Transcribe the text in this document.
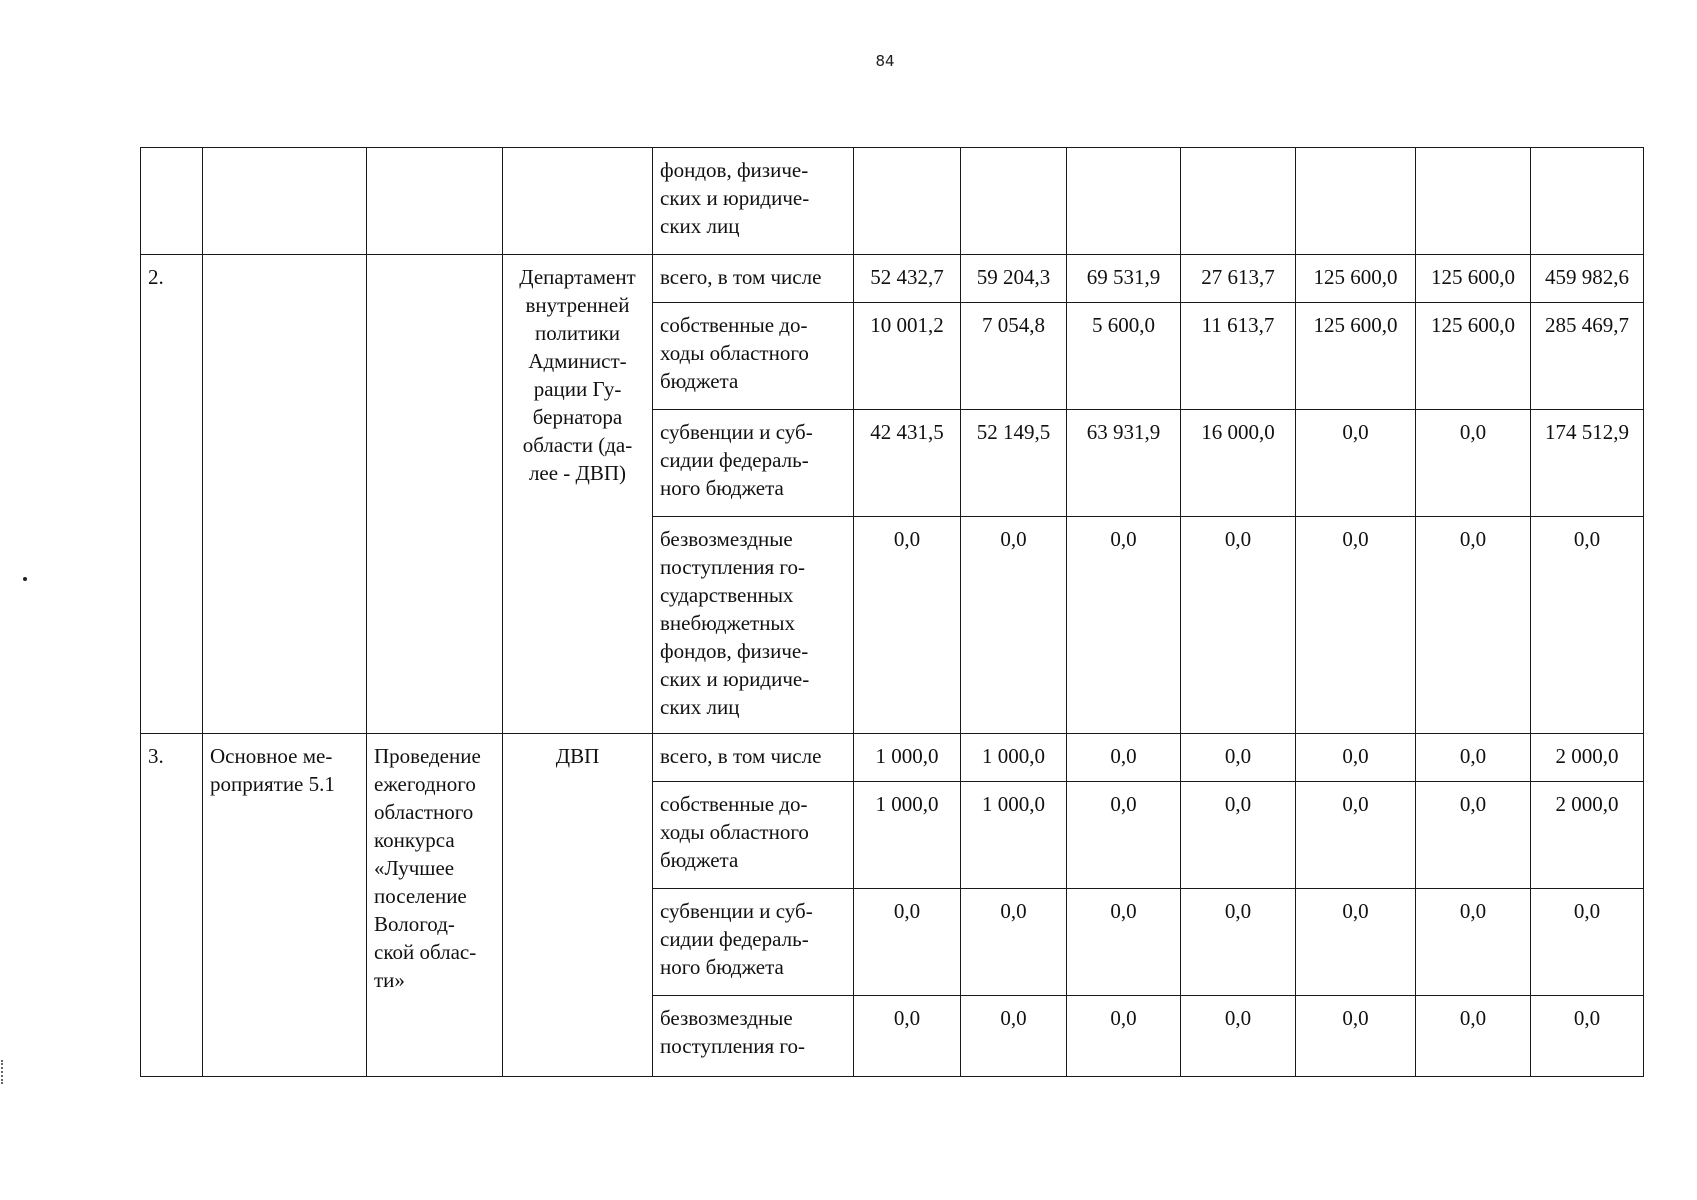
84
				фондов, физиче-ских и юридиче-ских лиц							
2.			Департамент внутренней политики Админист-рации Гу-бернатора области (да-лее - ДВП)	всего, в том числе	52 432,7	59 204,3	69 531,9	27 613,7	125 600,0	125 600,0	459 982,6
				собственные до-ходы областного бюджета	10 001,2	7 054,8	5 600,0	11 613,7	125 600,0	125 600,0	285 469,7
				субвенции и суб-сидии федераль-ного бюджета	42 431,5	52 149,5	63 931,9	16 000,0	0,0	0,0	174 512,9
				безвозмездные поступления го-сударственных внебюджетных фондов, физиче-ских и юридиче-ских лиц	0,0	0,0	0,0	0,0	0,0	0,0	0,0
3.	Основное ме-роприятие 5.1	Проведение ежегодного областного конкурса «Лучшее поселение Вологод-ской облас-ти»	ДВП	всего, в том числе	1 000,0	1 000,0	0,0	0,0	0,0	0,0	2 000,0
				собственные до-ходы областного бюджета	1 000,0	1 000,0	0,0	0,0	0,0	0,0	2 000,0
				субвенции и суб-сидии федераль-ного бюджета	0,0	0,0	0,0	0,0	0,0	0,0	0,0
				безвозмездные поступления го-	0,0	0,0	0,0	0,0	0,0	0,0	0,0
